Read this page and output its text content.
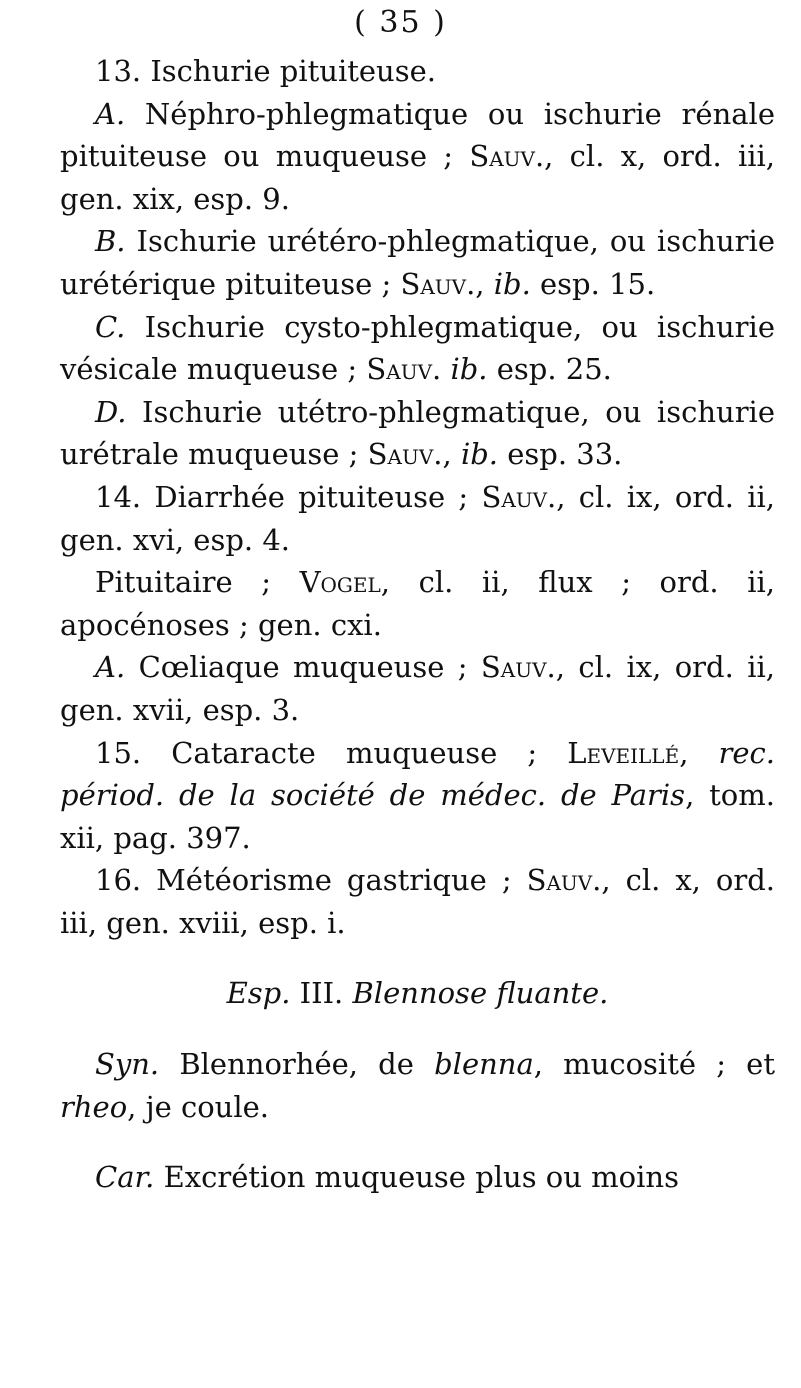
( 35 )

13. Ischurie pituiteuse.

A. Néphro-phlegmatique ou ischurie rénale pituiteuse ou muqueuse ; Sauv., cl. x, ord. iii, gen. xix, esp. 9.

B. Ischurie urétéro-phlegmatique, ou ischurie urétérique pituiteuse ; Sauv., ib. esp. 15.

C. Ischurie cysto-phlegmatique, ou ischurie vésicale muqueuse ; Sauv. ib. esp. 25.

D. Ischurie utétro-phlegmatique, ou ischurie urétrale muqueuse ; Sauv., ib. esp. 33.

14. Diarrhée pituiteuse ; Sauv., cl. ix, ord. ii, gen. xvi, esp. 4.

Pituitaire ; Vogel, cl. ii, flux ; ord. ii, apocénoses ; gen. cxi.

A. Cœliaque muqueuse ; Sauv., cl. ix, ord. ii, gen. xvii, esp. 3.

15. Cataracte muqueuse ; Leveillé, rec. périod. de la société de médec. de Paris, tom. xii, pag. 397.

16. Météorisme gastrique ; Sauv., cl. x, ord. iii, gen. xviii, esp. i.

Esp. III. Blennose fluante.

Syn. Blennorhée, de blenna, mucosité ; et rheo, je coule.

Car. Excrétion muqueuse plus ou moins
